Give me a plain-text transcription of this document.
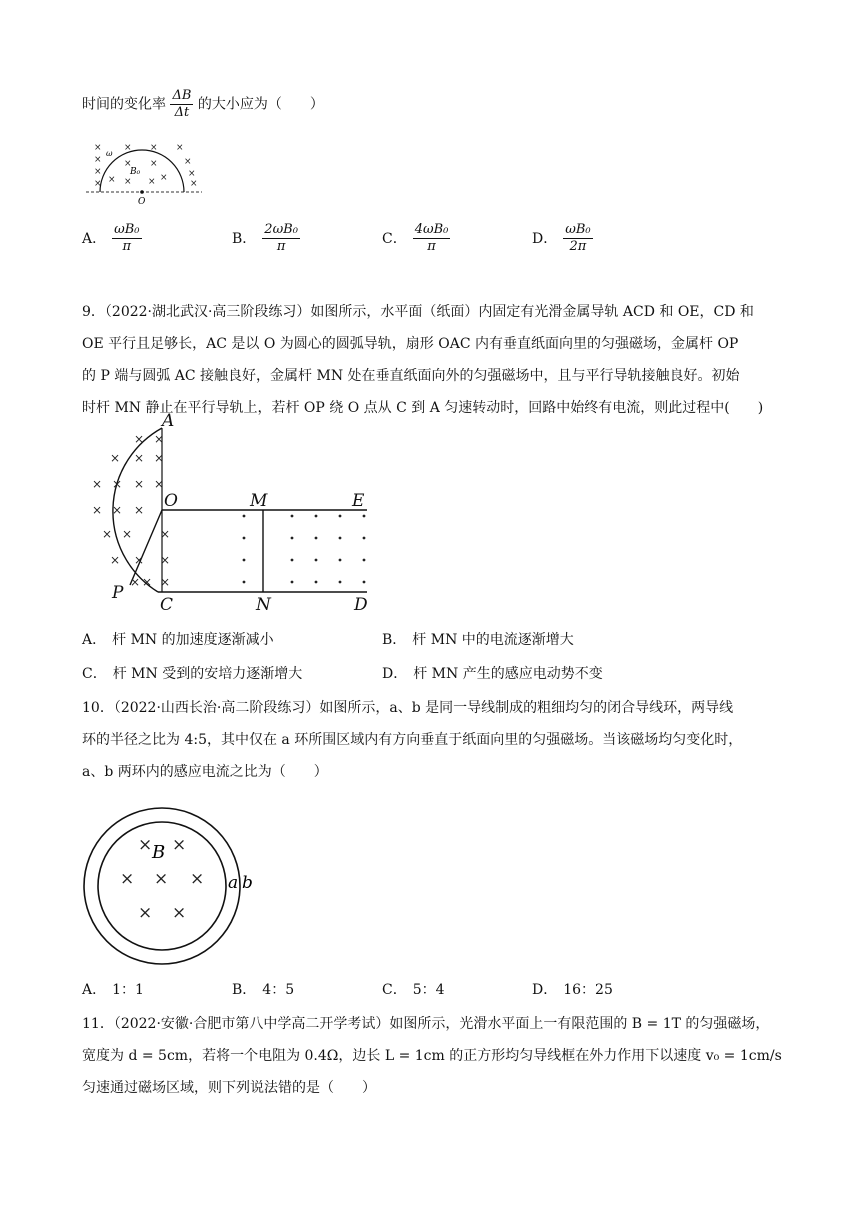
时间的变化率 $\frac{\Delta B}{\Delta t}$ 的大小应为（　　）
× × × ×
× × ×	×
×
×	× ×
× × ×	×
ω
B₀
O
A． $\frac{\text{ωB₀}}{\pi}$	B． $\frac{\text{2ωB₀}}{\pi}$	C． $\frac{\text{4ωB₀}}{\pi}$	D． $\frac{\text{ωB₀}}{2\pi}$
9．（2022·湖北武汉·高三阶段练习）如图所示，水平面（纸面）内固定有光滑金属导轨 ACD 和 OE，CD 和
OE 平行且足够长，AC 是以 O 为圆心的圆弧导轨，扇形 OAC 内有垂直纸面向里的匀强磁场，金属杆 OP
的 P 端与圆弧 AC 接触良好，金属杆 MN 处在垂直纸面向外的匀强磁场中，且与平行导轨接触良好。初始
时杆 MN 静止在平行导轨上，若杆 OP 绕 O 点从 C 到 A 匀速转动时，回路中始终有电流，则此过程中(　　)
× ×
× × ×
× × × ×
× × ×
× × ×
× × ×
× × ×
A
O	M	E
P
C	N	D
A． 杆 MN 的加速度逐渐减小	B． 杆 MN 中的电流逐渐增大
C． 杆 MN 受到的安培力逐渐增大	D． 杆 MN 产生的感应电动势不变
10．（2022·山西长治·高二阶段练习）如图所示，a、b 是同一导线制成的粗细均匀的闭合导线环，两导线
环的半径之比为 4:5，其中仅在 a 环所围区域内有方向垂直于纸面向里的匀强磁场。当该磁场均匀变化时，
a、b 两环内的感应电流之比为（　　）
× ×
× × ×
× ×
B
a b
A． 1：1	B． 4：5	C． 5：4	D． 16：25
11．（2022·安徽·合肥市第八中学高二开学考试）如图所示，光滑水平面上一有限范围的 B = 1T 的匀强磁场，
宽度为 d = 5cm，若将一个电阻为 0.4Ω，边长 L = 1cm 的正方形均匀导线框在外力作用下以速度 v₀ = 1cm/s
匀速通过磁场区域，则下列说法错的是（　　）
